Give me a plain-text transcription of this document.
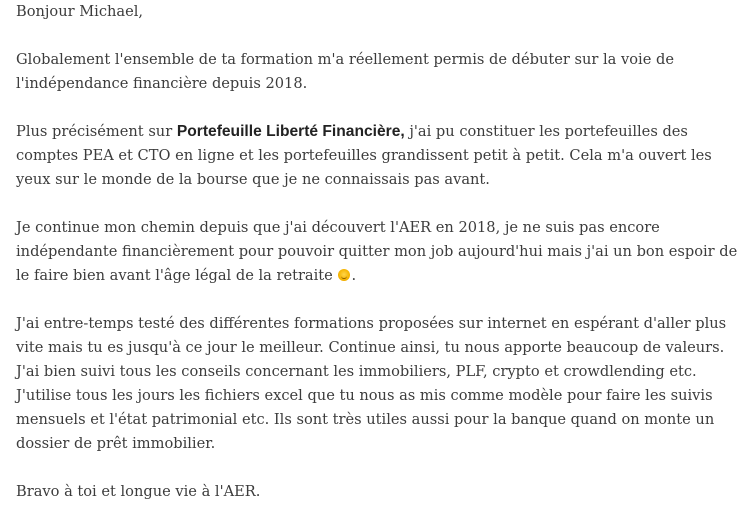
Bonjour Michael,

Globalement l'ensemble de ta formation m'a réellement permis de débuter sur la voie de l'indépendance financière depuis 2018.

Plus précisément sur Portefeuille Liberté Financière, j'ai pu constituer les portefeuilles des comptes PEA et CTO en ligne et les portefeuilles grandissent petit à petit. Cela m'a ouvert les yeux sur le monde de la bourse que je ne connaissais pas avant.

Je continue mon chemin depuis que j'ai découvert l'AER en 2018, je ne suis pas encore indépendante financièrement pour pouvoir quitter mon job aujourd'hui mais j'ai un bon espoir de le faire bien avant l'âge légal de la retraite .

J'ai entre-temps testé des différentes formations proposées sur internet en espérant d'aller plus vite mais tu es jusqu'à ce jour le meilleur. Continue ainsi, tu nous apporte beaucoup de valeurs. J'ai bien suivi tous les conseils concernant les immobiliers, PLF, crypto et crowdlending etc. J'utilise tous les jours les fichiers excel que tu nous as mis comme modèle pour faire les suivis mensuels et l'état patrimonial etc. Ils sont très utiles aussi pour la banque quand on monte un dossier de prêt immobilier.

Bravo à toi et longue vie à l'AER.
